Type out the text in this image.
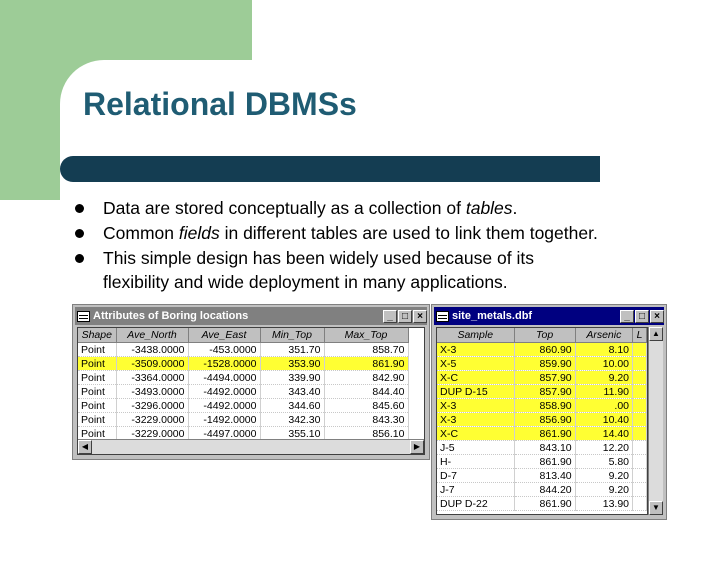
Relational DBMSs
Data are stored conceptually as a collection of tables.
Common fields in different tables are used to link them together.
This simple design has been widely used because of its
flexibility and wide deployment in many applications.
Attributes of Boring locations	_ □ ×
Shape	Ave_North	Ave_East	Min_Top	Max_Top
Point	-3438.0000	-453.0000	351.70	858.70
Point	-3509.0000	-1528.0000	353.90	861.90
Point	-3364.0000	-4494.0000	339.90	842.90
Point	-3493.0000	-4492.0000	343.40	844.40
Point	-3296.0000	-4492.0000	344.60	845.60
Point	-3229.0000	-1492.0000	342.30	843.30
Point	-3229.0000	-4497.0000	355.10	856.10
◀	▶
site_metals.dbf	_ □ ×
Sample	Top	Arsenic	L
X-3	860.90	8.10	
X-5	859.90	10.00	
X-C	857.90	9.20	
DUP D-15	857.90	11.90	
X-3	858.90	.00	
X-3	856.90	10.40	
X-C	861.90	14.40	
J-5	843.10	12.20	
H-	861.90	5.80	
D-7	813.40	9.20	
J-7	844.20	9.20	
DUP D-22	861.90	13.90	
▲
▼
